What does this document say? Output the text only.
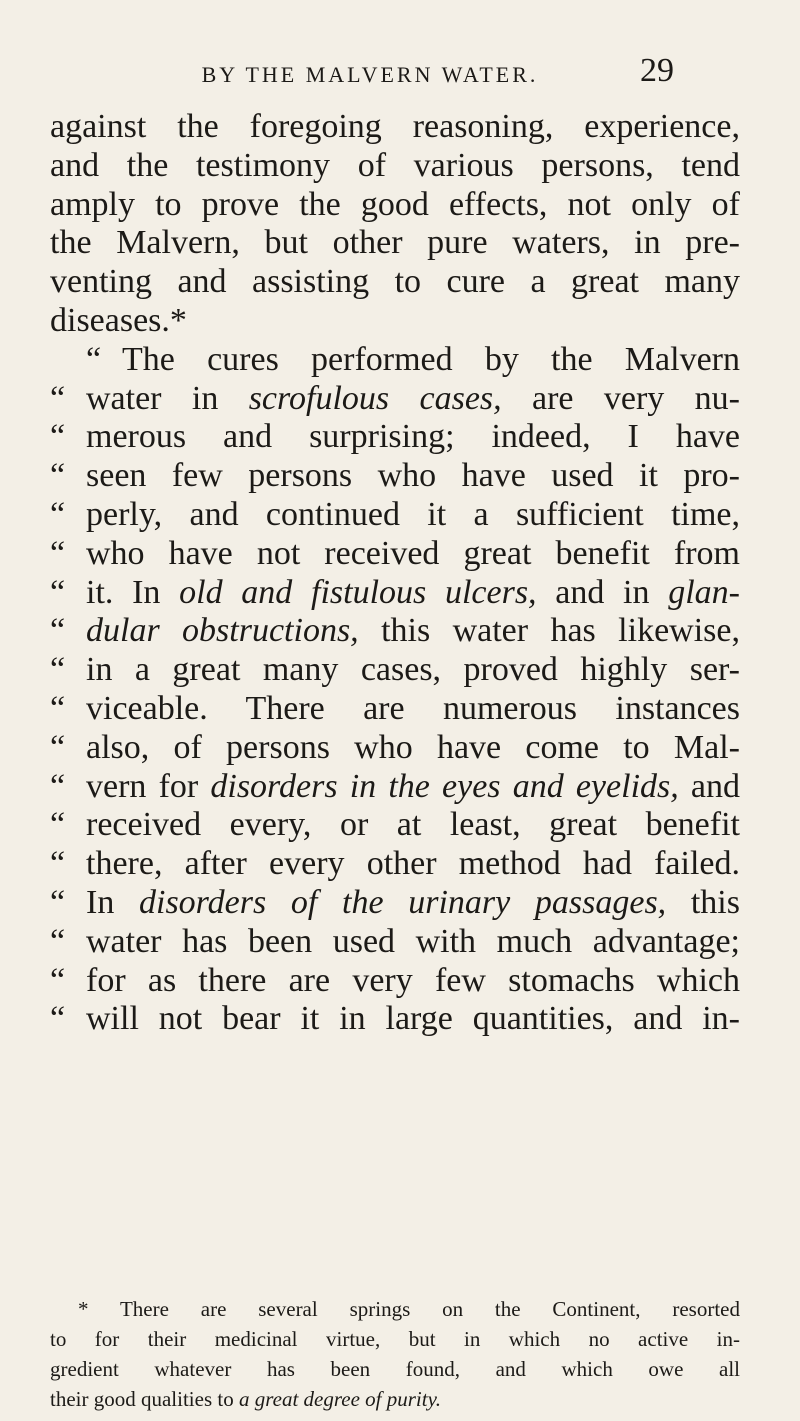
BY THE MALVERN WATER.	29
against the foregoing reasoning, experience,
and the testimony of various persons, tend
amply to prove the good effects, not only of
the Malvern, but other pure waters, in pre-
venting and assisting to cure a great many
diseases.*
“ The cures performed by the Malvern
“ water in scrofulous cases, are very nu-
“ merous and surprising; indeed, I have
“ seen few persons who have used it pro-
“ perly, and continued it a sufficient time,
“ who have not received great benefit from
“ it. In old and fistulous ulcers, and in glan-
“ dular obstructions, this water has likewise,
“ in a great many cases, proved highly ser-
“ viceable. There are numerous instances
“ also, of persons who have come to Mal-
“ vern for disorders in the eyes and eyelids, and
“ received every, or at least, great benefit
“ there, after every other method had failed.
“ In disorders of the urinary passages, this
“ water has been used with much advantage;
“ for as there are very few stomachs which
“ will not bear it in large quantities, and in-
* There are several springs on the Continent, resorted
to for their medicinal virtue, but in which no active in-
gredient whatever has been found, and which owe all
their good qualities to a great degree of purity.
